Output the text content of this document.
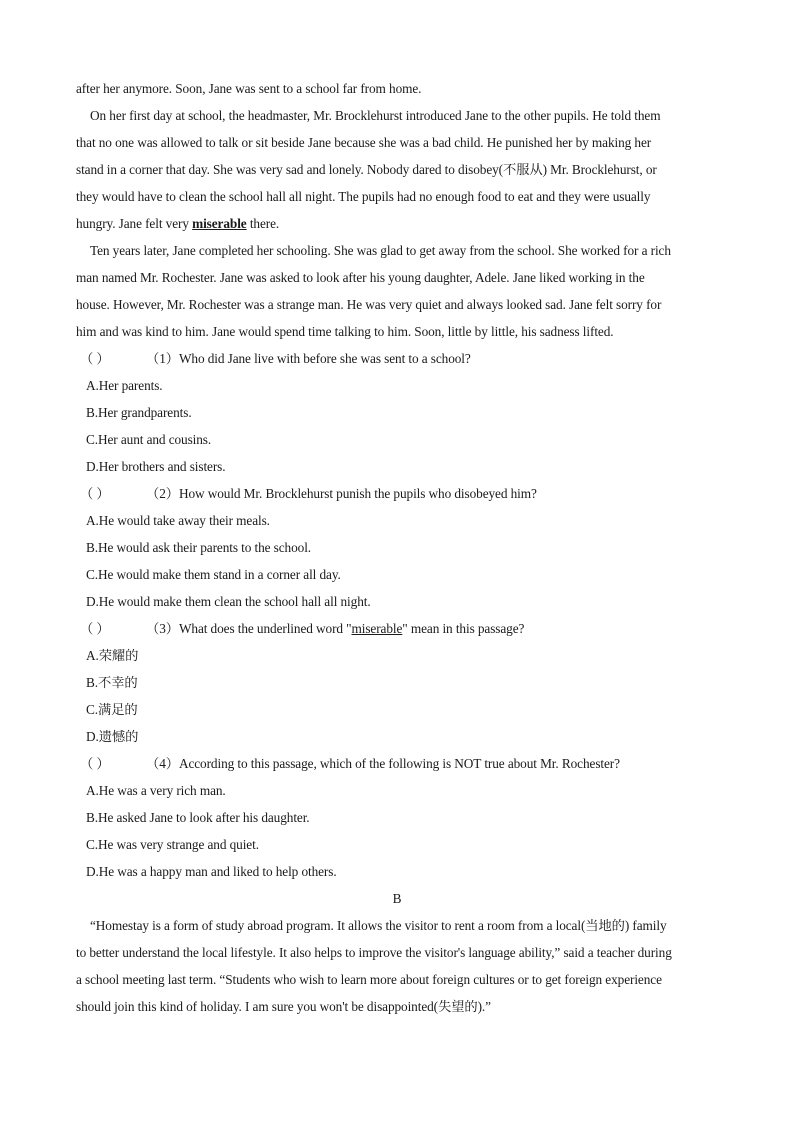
after her anymore. Soon, Jane was sent to a school far from home.
On her first day at school, the headmaster, Mr. Brocklehurst introduced Jane to the other pupils. He told them
that no one was allowed to talk or sit beside Jane because she was a bad child. He punished her by making her
stand in a corner that day. She was very sad and lonely. Nobody dared to disobey(不服从) Mr. Brocklehurst, or
they would have to clean the school hall all night. The pupils had no enough food to eat and they were usually
hungry. Jane felt very miserable there.
Ten years later, Jane completed her schooling. She was glad to get away from the school. She worked for a rich
man named Mr. Rochester. Jane was asked to look after his young daughter, Adele. Jane liked working in the
house. However, Mr. Rochester was a strange man. He was very quiet and always looked sad. Jane felt sorry for
him and was kind to him. Jane would spend time talking to him. Soon, little by little, his sadness lifted.
（ ）	（1）Who did Jane live with before she was sent to a school?
A.Her parents.
B.Her grandparents.
C.Her aunt and cousins.
D.Her brothers and sisters.
（ ）	（2）How would Mr. Brocklehurst punish the pupils who disobeyed him?
A.He would take away their meals.
B.He would ask their parents to the school.
C.He would make them stand in a corner all day.
D.He would make them clean the school hall all night.
（ ）	（3）What does the underlined word "miserable" mean in this passage?
A.荣耀的
B.不幸的
C.满足的
D.遗憾的
（ ）	（4）According to this passage, which of the following is NOT true about Mr. Rochester?
A.He was a very rich man.
B.He asked Jane to look after his daughter.
C.He was very strange and quiet.
D.He was a happy man and liked to help others.
B
“Homestay is a form of study abroad program. It allows the visitor to rent a room from a local(当地的) family
to better understand the local lifestyle. It also helps to improve the visitor's language ability,” said a teacher during
a school meeting last term. “Students who wish to learn more about foreign cultures or to get foreign experience
should join this kind of holiday. I am sure you won't be disappointed(失望的).”
